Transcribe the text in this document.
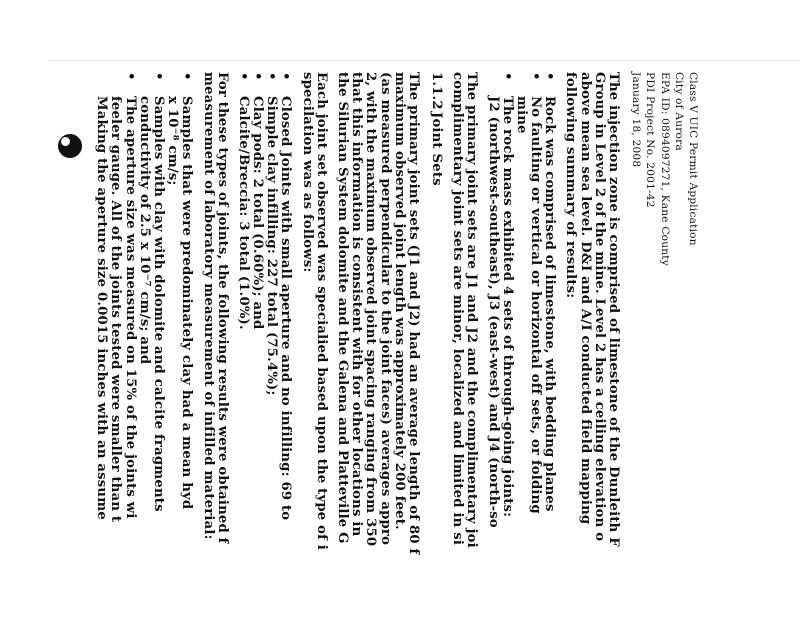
Class V UIC Permit Application
City of Aurora
EPA ID: 0894097271, Kane County
PDI Project No. 2001-42
January 18, 2008
The injection zone is comprised of limestone of the Dunleith F
Group in Level 2 of the mine. Level 2 has a ceiling elevation o
above mean sea level. D&I and A/I conducted field mapping
following summary of results:
•Rock was comprised of limestone, with bedding planes
•No faulting or vertical or horizontal off sets, or folding
mine
•The rock mass exhibited 4 sets of through-going joints:
J2 (northwest-southeast), J3 (east-west) and J4 (north-so
The primary joint sets are J1 and J2 and the complimentary joi
complimentary joint sets are minor, localized and limited in si
1.1.2Joint Sets
The primary joint sets (J1 and J2) had an average length of 80 f
maximum observed joint length was approximately 200 feet.
(as measured perpendicular to the joint faces) averages appro
2, with the maximum observed joint spacing ranging from 350
that this information is consistent with for other locations in
the Silurian System dolomite and the Galena and Platteville G
Each joint set observed was specialied based upon the type of i
specilation was as follows:
•Closed Joints with small aperture and no infilling: 69 to
•Simple clay infilling: 227 total (75.4%);
•Clay pods: 2 total (0.60%); and
•Calcite/Breccia: 3 total (1.0%).
For these types of joints, the following results were obtained f
measurement of laboratory measurement of infilled material:
•Samples that were predominately clay had a mean hyd
x 10⁻⁸ cm/s;
•Samples with clay with dolomite and calcite fragments
conductivity of 2.5 x 10⁻⁷ cm/s; and
•The aperture size was measured on 15% of the joints wi
feeler gauge. All of the joints tested were smaller than t
Making the aperture size 0.0015 inches with an assume
